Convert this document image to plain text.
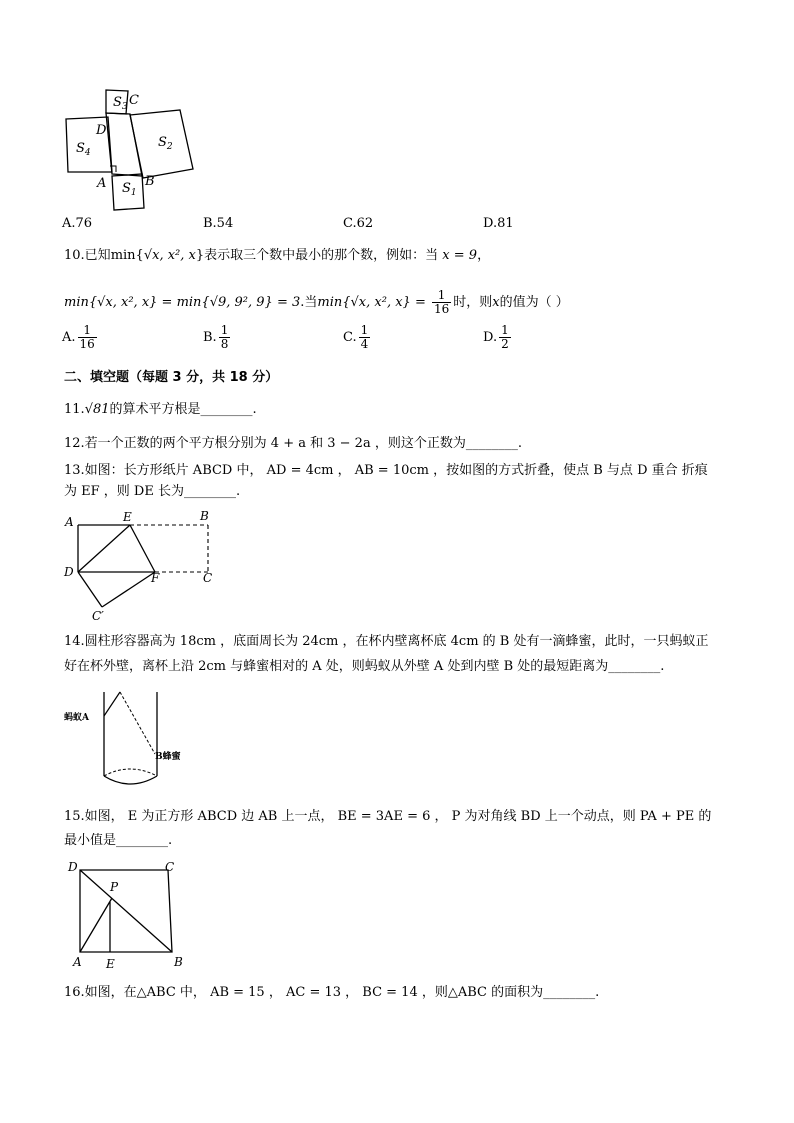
$S_3$ C
D
$S_4$
$S_2$
A $S_1$
B
A.76	B.54	C.62	D.81
10.已知min{√x, x², x}表示取三个数中最小的那个数，例如：当 x = 9，
min{√x, x², x} = min{√9, 9², 9} = 3.当min{√x, x², $x\} = \frac{1}{16}$ 时，则x的值为（ ）
A. $\frac{1}{16}$	B. $\frac{1}{8}$	C. $\frac{1}{4}$	D. $\frac{1}{2}$
二、填空题（每题 3 分，共 18 分）
11.√81的算术平方根是________.
12.若一个正数的两个平方根分别为 4 + a 和 3 − 2a ，则这个正数为________.
13.如图：长方形纸片 ABCD 中， AD = 4cm ， AB = 10cm ，按如图的方式折叠，使点 B 与点 D 重合 折痕
为 EF ，则 DE 长为________.
A	E	B
D	F	C
C′
14.圆柱形容器高为 18cm ，底面周长为 24cm ，在杯内壁离杯底 4cm 的 B 处有一滴蜂蜜，此时，一只蚂蚁正
好在杯外壁，离杯上沿 2cm 与蜂蜜相对的 A 处，则蚂蚁从外壁 A 处到内壁 B 处的最短距离为________.
蚂蚁A
B蜂蜜
15.如图， E 为正方形 ABCD 边 AB 上一点， BE = 3AE = 6 ， P 为对角线 BD 上一个动点，则 PA + PE 的
最小值是________.
D	C
P
A E	B
16.如图，在△ABC 中， AB = 15 ， AC = 13 ， BC = 14 ，则△ABC 的面积为________.
